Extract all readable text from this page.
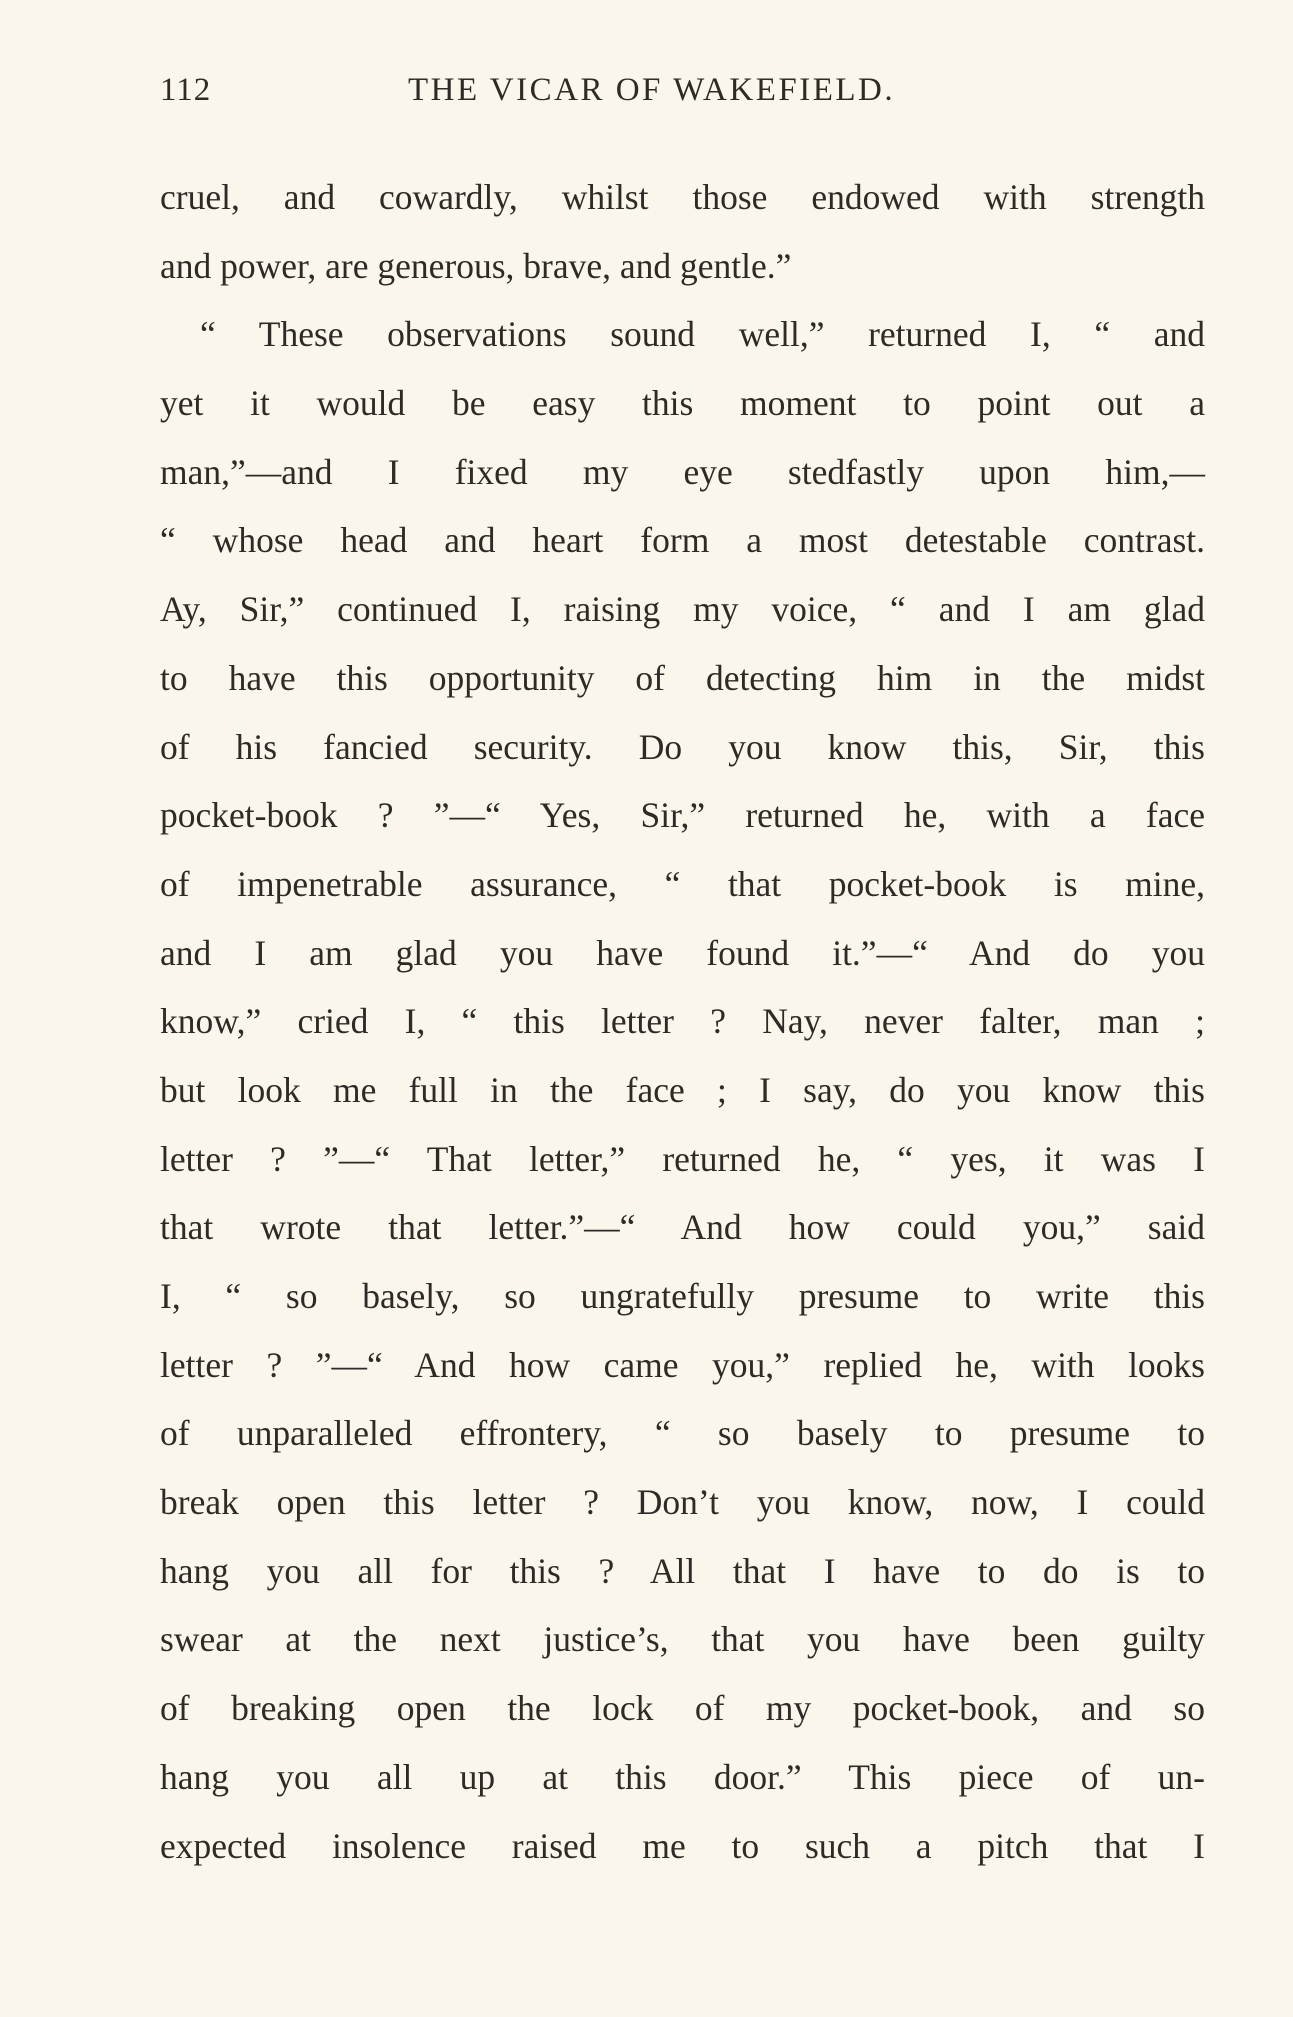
112	THE VICAR OF WAKEFIELD.
cruel, and cowardly, whilst those endowed with strength
and power, are generous, brave, and gentle.”
“ These observations sound well,” returned I, “ and
yet it would be easy this moment to point out a
man,”—and I fixed my eye stedfastly upon him,—
“ whose head and heart form a most detestable contrast.
Ay, Sir,” continued I, raising my voice, “ and I am glad
to have this opportunity of detecting him in the midst
of his fancied security. Do you know this, Sir, this
pocket-book ? ”—“ Yes, Sir,” returned he, with a face
of impenetrable assurance, “ that pocket-book is mine,
and I am glad you have found it.”—“ And do you
know,” cried I, “ this letter ? Nay, never falter, man ;
but look me full in the face ; I say, do you know this
letter ? ”—“ That letter,” returned he, “ yes, it was I
that wrote that letter.”—“ And how could you,” said
I, “ so basely, so ungratefully presume to write this
letter ? ”—“ And how came you,” replied he, with looks
of unparalleled effrontery, “ so basely to presume to
break open this letter ? Don’t you know, now, I could
hang you all for this ? All that I have to do is to
swear at the next justice’s, that you have been guilty
of breaking open the lock of my pocket-book, and so
hang you all up at this door.” This piece of un-
expected insolence raised me to such a pitch that I
